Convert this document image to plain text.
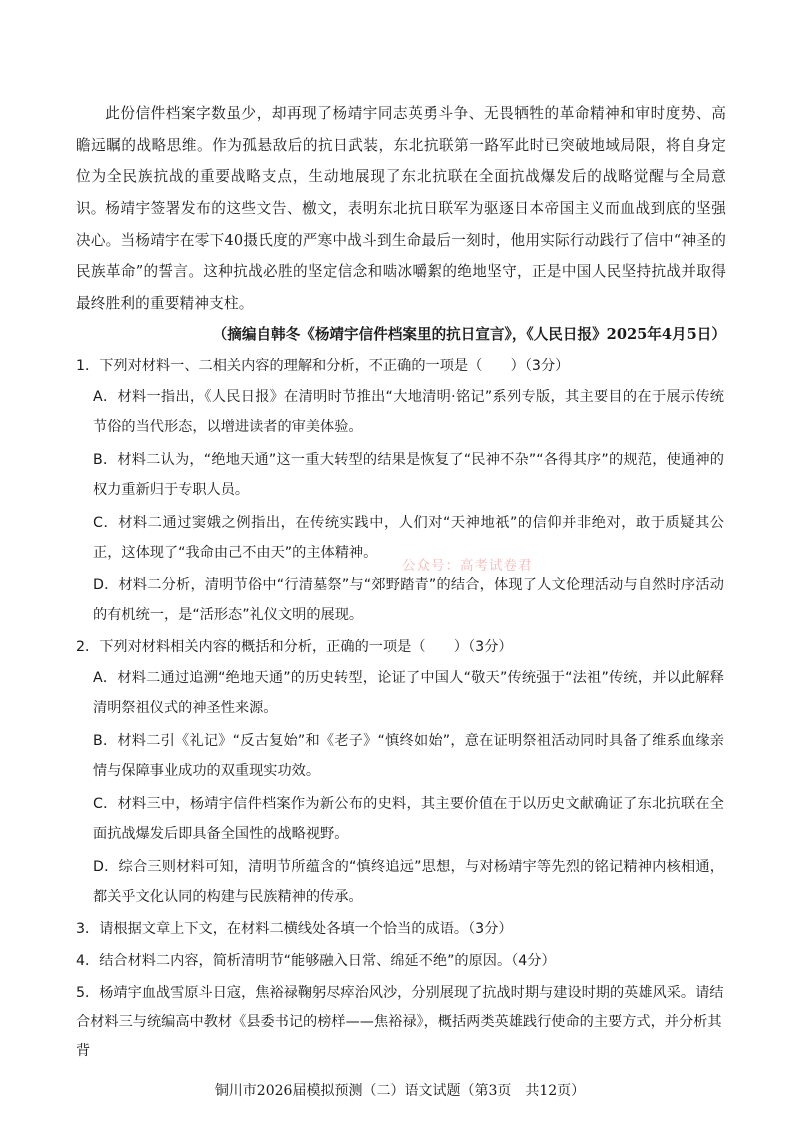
此份信件档案字数虽少，却再现了杨靖宇同志英勇斗争、无畏牺牲的革命精神和审时度势、高瞻远瞩的战略思维。作为孤悬敌后的抗日武装，东北抗联第一路军此时已突破地域局限，将自身定位为全民族抗战的重要战略支点，生动地展现了东北抗联在全面抗战爆发后的战略觉醒与全局意识。 杨靖宇签署发布的这些文告、檄文，表明东北抗日联军为驱逐日本帝国主义而血战到底的坚强决心。当杨靖宇在零下40摄氏度的严寒中战斗到生命最后一刻时，他用实际行动践行了信中“神圣的民族革命”的誓言。这种抗战必胜的坚定信念和啮冰嚼絮的绝地坚守，正是中国人民坚持抗战并取得最终胜利的重要精神支柱。
（摘编自韩冬《杨靖宇信件档案里的抗日宣言》，《人民日报》2025年4月5日）
1．下列对材料一、二相关内容的理解和分析，不正确的一项是（　　）（3分）
A．材料一指出，《人民日报》在清明时节推出“大地清明·铭记”系列专版，其主要目的在于展示传统节俗的当代形态，以增进读者的审美体验。
B．材料二认为，“绝地天通”这一重大转型的结果是恢复了“民神不杂”“各得其序”的规范，使通神的权力重新归于专职人员。
C．材料二通过窦娥之例指出，在传统实践中，人们对“天神地祇”的信仰并非绝对，敢于质疑其公正，这体现了“我命由己不由天”的主体精神。
D．材料二分析，清明节俗中“行清墓祭”与“郊野踏青”的结合，体现了人文伦理活动与自然时序活动的有机统一，是“活形态”礼仪文明的展现。
2．下列对材料相关内容的概括和分析，正确的一项是（　　）（3分）
A．材料二通过追溯“绝地天通”的历史转型，论证了中国人“敬天”传统强于“法祖”传统，并以此解释清明祭祖仪式的神圣性来源。
B．材料二引《礼记》“反古复始”和《老子》“慎终如始”，意在证明祭祖活动同时具备了维系血缘亲情与保障事业成功的双重现实功效。
C．材料三中，杨靖宇信件档案作为新公布的史料，其主要价值在于以历史文献确证了东北抗联在全面抗战爆发后即具备全国性的战略视野。
D．综合三则材料可知，清明节所蕴含的“慎终追远”思想，与对杨靖宇等先烈的铭记精神内核相通，都关乎文化认同的构建与民族精神的传承。
3．请根据文章上下文，在材料二横线处各填一个恰当的成语。（3分）
4．结合材料二内容，简析清明节“能够融入日常、绵延不绝”的原因。（4分）
5．杨靖宇血战雪原斗日寇，焦裕禄鞠躬尽瘁治风沙，分别展现了抗战时期与建设时期的英雄风采。请结合材料三与统编高中教材《县委书记的榜样——焦裕禄》，概括两类英雄践行使命的主要方式，并分析其背
公众号：高考试卷君
铜川市2026届模拟预测（二）语文试题（第3页　共12页）
